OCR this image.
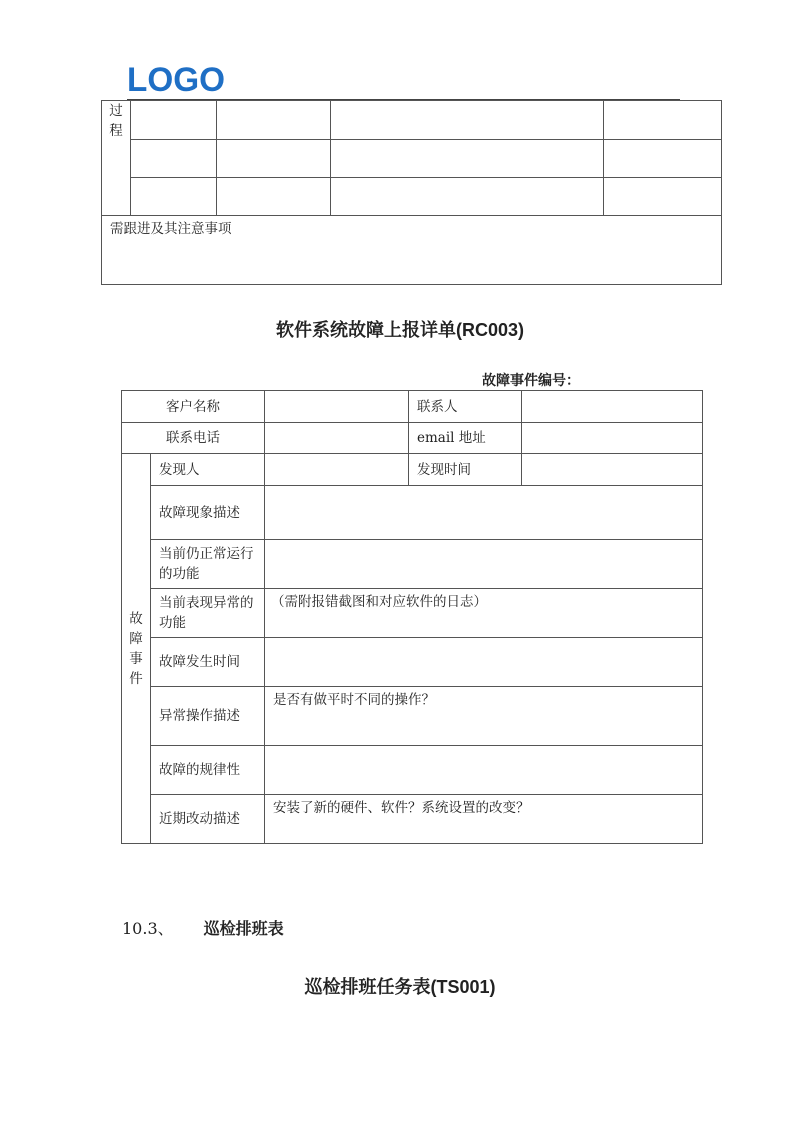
LOGO
过
程				

需跟进及其注意事项				
软件系统故障上报详单(RC003)
故障事件编号：
客户名称			联系人	
联系电话			email 地址	

故
障
事
件	发现人		发现时间	
	故障现象描述			
	当前仍正常运行的功能			
	当前表现异常的功能	（需附报错截图和对应软件的日志）		
	故障发生时间			
	异常操作描述	是否有做平时不同的操作？		
	故障的规律性			
	近期改动描述	安装了新的硬件、软件？系统设置的改变？		
10.3、 巡检排班表
巡检排班任务表(TS001)
